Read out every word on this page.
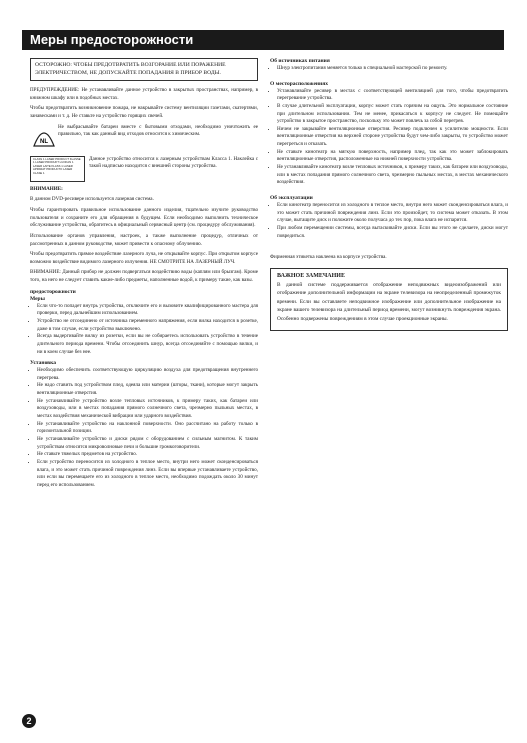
Меры предосторожности
ОСТОРОЖНО: ЧТОБЫ ПРЕДОТВРАТИТЬ ВОЗГОРАНИЕ ИЛИ ПОРАЖЕНИЕ ЭЛЕКТРИЧЕСТВОМ, НЕ ДОПУСКАЙТЕ ПОПАДАНИЯ В ПРИБОР ВОДЫ.

ПРЕДУПРЕЖДЕНИЕ: Не устанавливайте данное устройство в закрытых пространствах, например, в книжном шкафу или в подобных местах.

Чтобы предотвратить возникновение пожара, не накрывайте систему вентиляции газетами, скатертями, занавесками и т. д. Не ставьте на устройство горящих свечей.

NL

Не выбрасывайте батареи вместе с бытовыми отходами, необходимо уничтожить ее правильно, так как данный вид отходов относится к химическим.

CLASS 1 LASER PRODUCT KLASSE 1 LASER PRODUKT LUOKAN 1 LASER LAITE KLASS 1 LASER APPARAT PRODUCTO LASER CLASE 1

Данное устройство относится к лазерным устройствам Класса 1. Наклейка с такой надписью находится с внешней стороны устройства.

ВНИМАНИЕ:

В данном DVD-ресивере используется лазерная система.

Чтобы гарантировать правильное использование данного изделия, тщательно изучите руководство пользователя и сохраните его для обращения в будущем. Если необходимо выполнить техническое обслуживание устройства, обратитесь в официальный сервисный центр (см. процедуру обслуживания).

Использование органов управления, настроек, а также выполнение процедур, отличных от рассмотренных в данном руководстве, может привести к опасному облучению.

Чтобы предотвратить прямое воздействие лазерного луча, не открывайте корпус. При открытом корпусе возможно воздействие видимого лазерного излучения. НЕ СМОТРИТЕ НА ЛАЗЕРНЫЙ ЛУЧ.

ВНИМАНИЕ: Данный прибор не должен подвергаться воздействию воды (каплям или брызгам). Кроме того, на него не следует ставить какие-либо предметы, наполненные водой, к примеру такие, как вазы.

предосторожности
Меры
• Если что-то попадет внутрь устройства, отключите его и вызовите квалифицированного мастера для проверки, перед дальнейшим использованием.
• Устройство не отсоединено от источника переменного напряжения, если вилка находится в розетке, даже в том случае, если устройство выключено.
• Всегда выдергивайте вилку из розетки, если вы не собираетесь использовать устройство в течение длительного периода времени. Чтобы отсоединить шнур, всегда отсоединяйте с помощью вилки, и ни в коем случае без нее.
Установка
• Необходимо обеспечить соответствующую циркуляцию воздуха для предотвращения внутреннего перегрева.
• Не надо ставить под устройством плед, одеяла или материи (шторы, ткани), которые могут закрыть вентиляционные отверстия.
• Не устанавливайте устройство возле тепловых источников, к примеру таких, как батареи или воздуховоды, или в местах попадания прямого солнечного света, чрезмерно пыльных местах, в местах воздействия механической вибрации или ударного воздействия.
• Не устанавливайте устройство на наклонной поверхности. Оно рассчитано на работу только в горизонтальной позиции.
• Не устанавливайте устройство и диски рядом с оборудованием с сильным магнитом. К таким устройствам относятся микроволновые печи и большие громкоговорители.
• Не ставьте тяжелых предметов на устройство.
• Если устройство переносится из холодного в теплое место, внутри него может сконденсироваться влага, и это может стать причиной повреждения линз. Если вы впервые устанавливаете устройство, или если вы перемещаете его из холодного в теплое место, необходимо подождать около 30 минут перед его использованием.
Об источниках питания
• Шнур электропитания меняется только в специальной мастерской по ремонту.
О месторасположениях
• Устанавливайте ресивер в местах с соответствующей вентиляцией для того, чтобы предотвратить перегревание устройства.
• В случае длительной эксплуатации, корпус может стать горячим на ощупь. Это нормальное состояние при длительном использовании. Тем не менее, прикасаться к корпусу не следует. Не помещайте устройство в закрытое пространство, поскольку это может повлечь за собой перегрев.
• Ничем не закрывайте вентиляционные отверстия. Ресивер подключен к усилителю мощности. Если вентиляционные отверстия на верхней стороне устройства будут чем-либо закрыты, то устройство может перегреться и отказать.
• Не ставьте кинотеатр на мягкую поверхность, например плед, так как это может заблокировать вентиляционные отверстия, расположенные на нижней поверхности устройства.
• Не устанавливайте кинотеатр возле тепловых источников, к примеру таких, как батареи или воздуховоды, или в местах попадания прямого солнечного света, чрезмерно пыльных местах, в местах механического воздействия.
Об эксплуатации
• Если кинотеатр переносится из холодного в теплое место, внутри него может сконденсироваться влага, и это может стать причиной повреждения линз. Если это произойдет, то система может отказать. В этом случае, вытащите диск и положите около получаса до тех пор, пока влага не испарится.
• При любом перемещении системы, всегда вытаскивайте диски. Если вы этого не сделаете, диски могут повредиться.

Фирменная этикетка наклеена на корпусе устройства.

ВАЖНОЕ ЗАМЕЧАНИЕ

В данной системе поддерживается отображение неподвижных видеоизображений или отображение дополнительной информации на экране телевизора на неопределенный промежуток времени. Если вы оставляете неподвижное изображение или дополнительное изображение на экране вашего телевизора на длительный период времени, могут возникнуть повреждения экрана. Особенно подвержены повреждениям в этом случае проекционные экраны.

2
